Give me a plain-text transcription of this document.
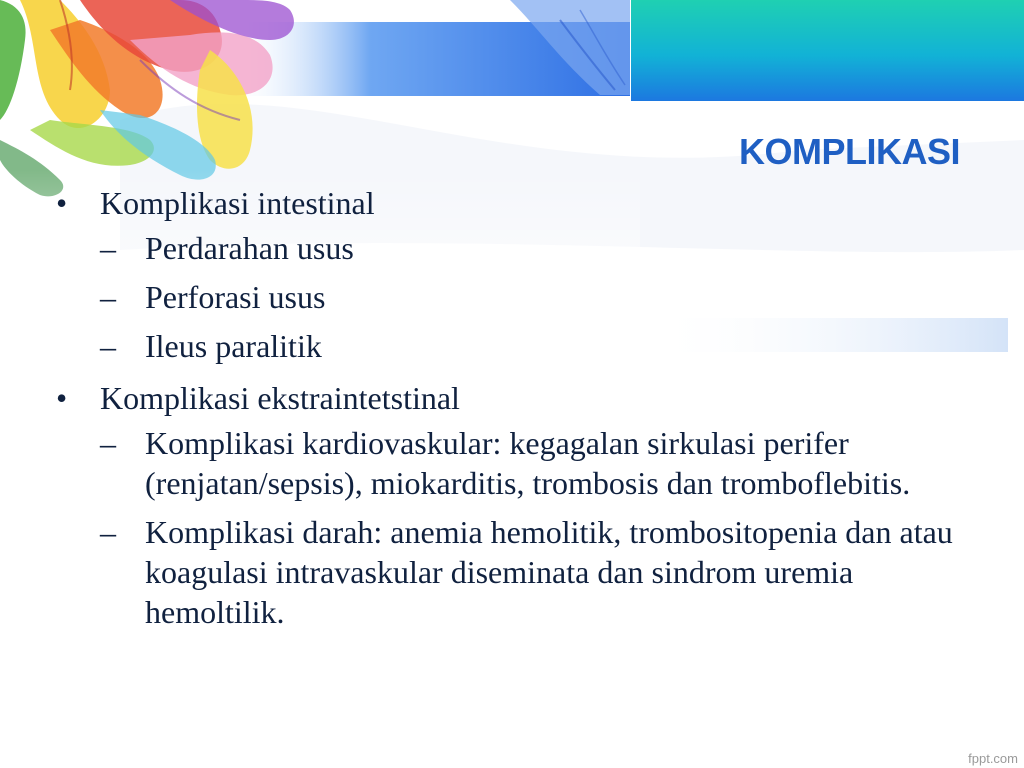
KOMPLIKASI
• Komplikasi intestinal
– Perdarahan usus
– Perforasi usus
– Ileus paralitik
• Komplikasi ekstraintetstinal
– Komplikasi kardiovaskular: kegagalan sirkulasi perifer (renjatan/sepsis), miokarditis, trombosis dan tromboflebitis.
– Komplikasi darah: anemia hemolitik, trombositopenia dan atau koagulasi intravaskular diseminata dan sindrom uremia hemoltilik.
fppt.com
